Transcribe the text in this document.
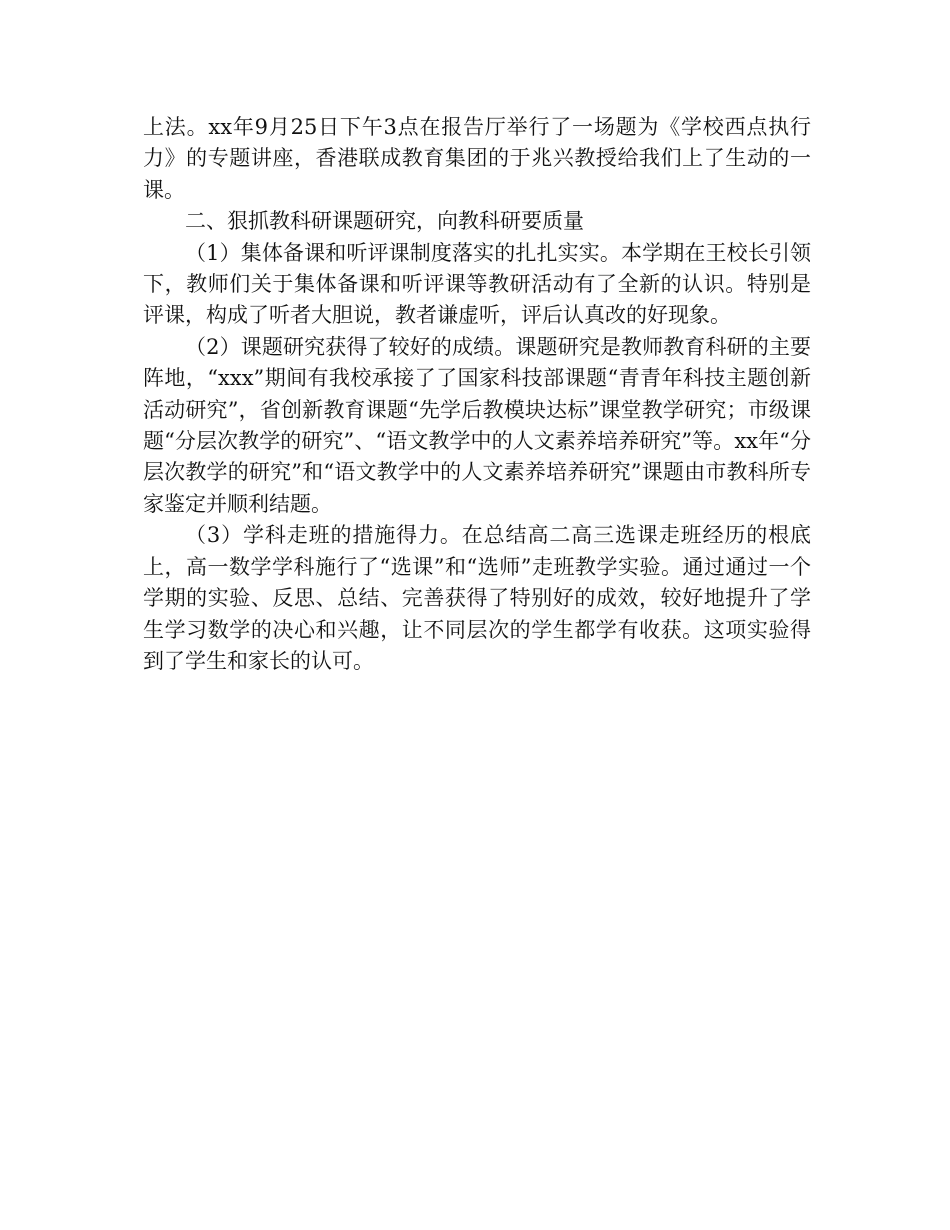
上法。xx年9月25日下午3点在报告厅举行了一场题为《学校西点执行力》的专题讲座，香港联成教育集团的于兆兴教授给我们上了生动的一课。

二、狠抓教科研课题研究，向教科研要质量

（1）集体备课和听评课制度落实的扎扎实实。本学期在王校长引领下，教师们关于集体备课和听评课等教研活动有了全新的认识。特别是评课，构成了听者大胆说，教者谦虚听，评后认真改的好现象。

（2）课题研究获得了较好的成绩。课题研究是教师教育科研的主要阵地，“xxx”期间有我校承接了了国家科技部课题“青青年科技主题创新活动研究”，省创新教育课题“先学后教模块达标”课堂教学研究；市级课题“分层次教学的研究”、“语文教学中的人文素养培养研究”等。xx年“分层次教学的研究”和“语文教学中的人文素养培养研究”课题由市教科所专家鉴定并顺利结题。

（3）学科走班的措施得力。在总结高二高三选课走班经历的根底上，高一数学学科施行了“选课”和“选师”走班教学实验。通过通过一个学期的实验、反思、总结、完善获得了特别好的成效，较好地提升了学生学习数学的决心和兴趣，让不同层次的学生都学有收获。这项实验得到了学生和家长的认可。
